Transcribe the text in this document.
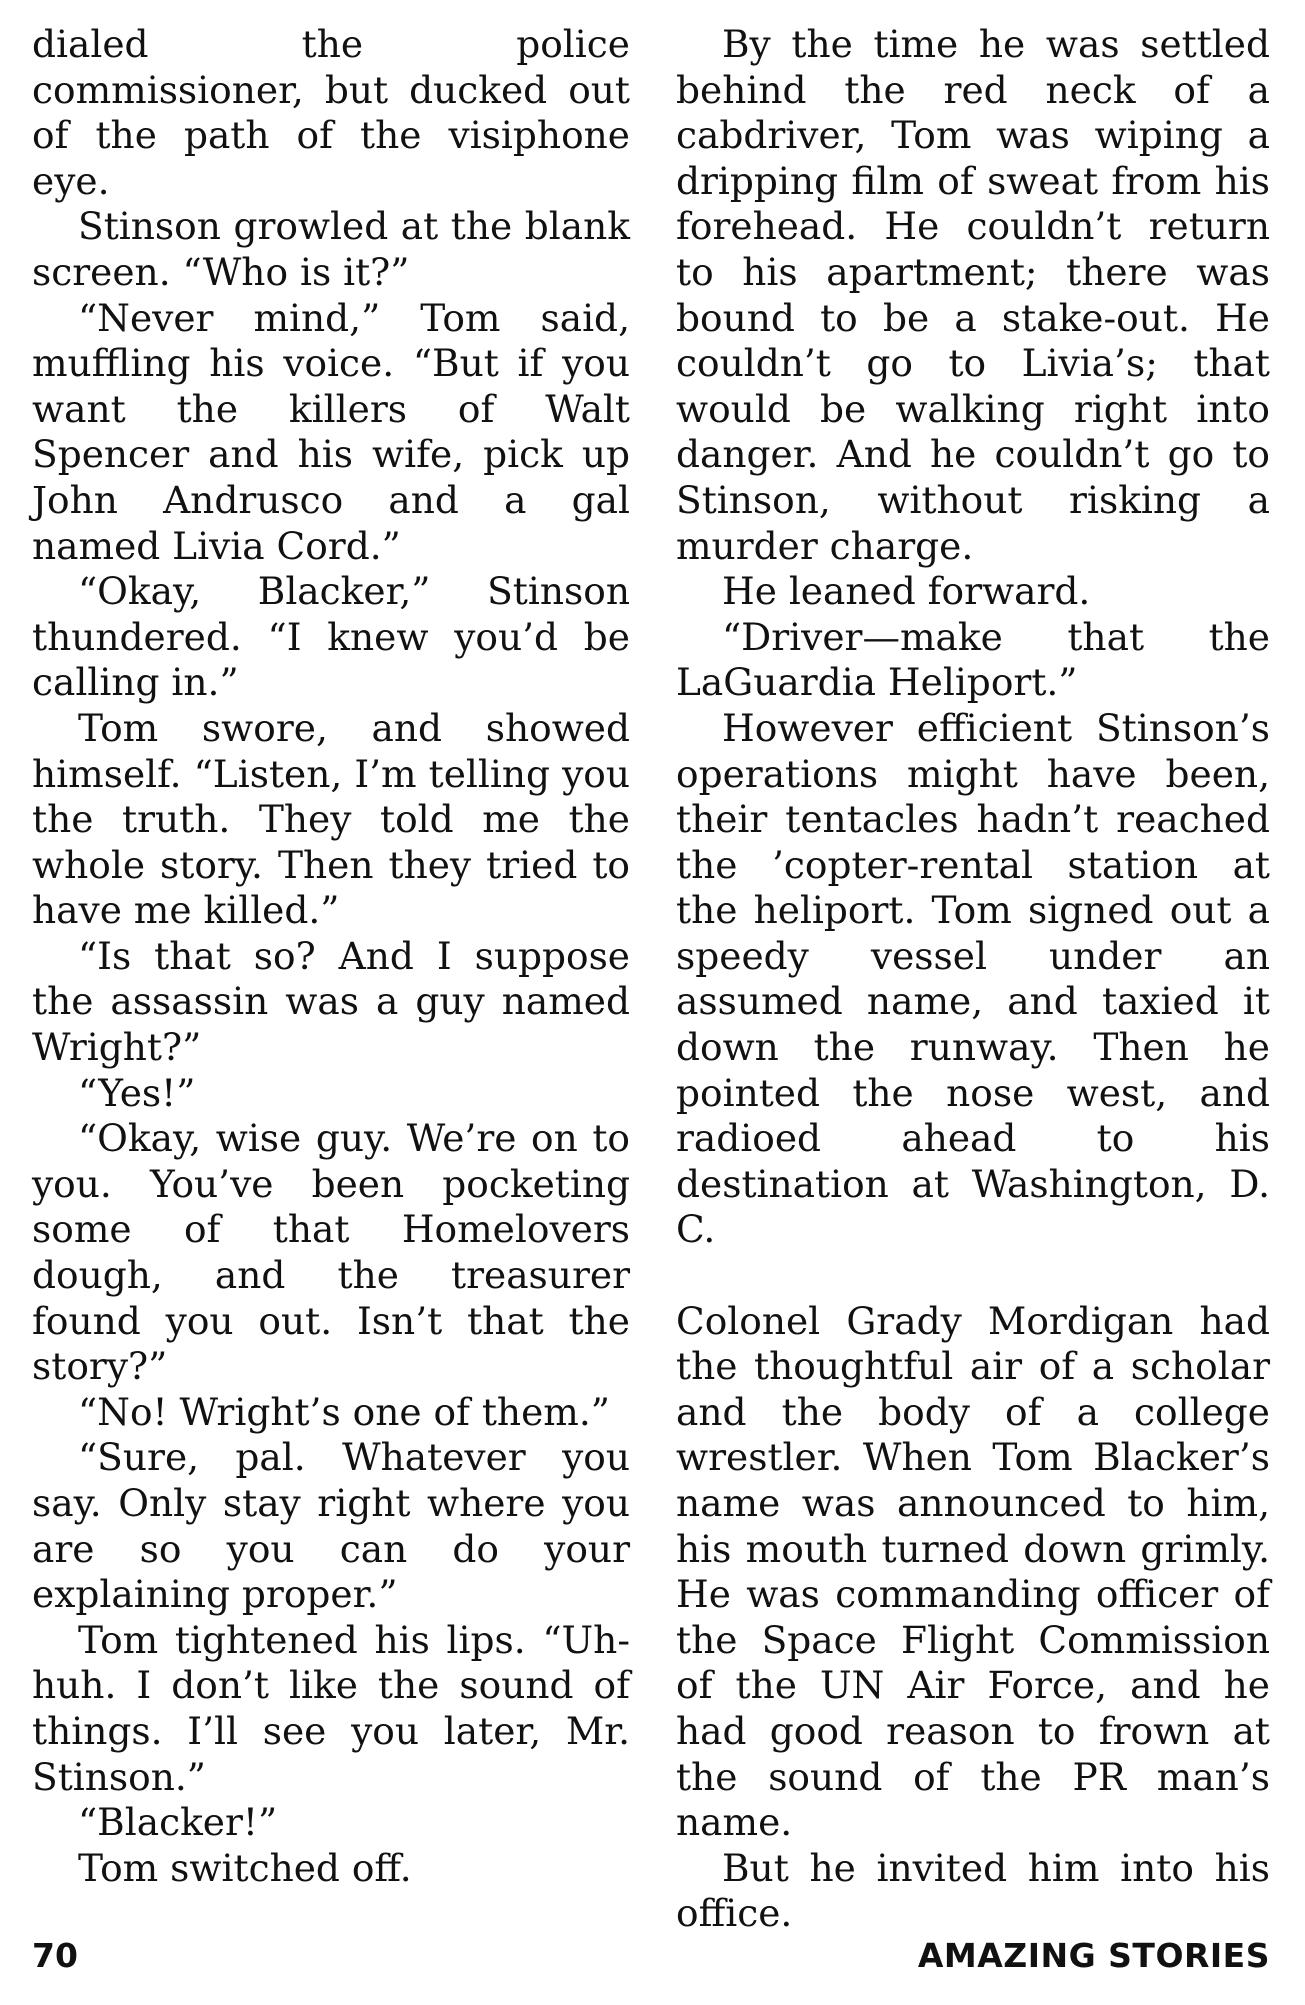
dialed the police commissioner, but ducked out of the path of the visiphone eye.

Stinson growled at the blank screen. “Who is it?”

“Never mind,” Tom said, muffling his voice. “But if you want the killers of Walt Spencer and his wife, pick up John Andrusco and a gal named Livia Cord.”

“Okay, Blacker,” Stinson thundered. “I knew you’d be calling in.”

Tom swore, and showed himself. “Listen, I’m telling you the truth. They told me the whole story. Then they tried to have me killed.”

“Is that so? And I suppose the assassin was a guy named Wright?”

“Yes!”

“Okay, wise guy. We’re on to you. You’ve been pocketing some of that Homelovers dough, and the treasurer found you out. Isn’t that the story?”

“No! Wright’s one of them.”

“Sure, pal. Whatever you say. Only stay right where you are so you can do your explaining proper.”

Tom tightened his lips. “Uh-huh. I don’t like the sound of things. I’ll see you later, Mr. Stinson.”

“Blacker!”

Tom switched off.

By the time he was settled behind the red neck of a cabdriver, Tom was wiping a dripping film of sweat from his forehead. He couldn’t return to his apartment; there was bound to be a stake-out. He couldn’t go to Livia’s; that would be walking right into danger. And he couldn’t go to Stinson, without risking a murder charge.

He leaned forward.

“Driver—make that the LaGuardia Heliport.”

However efficient Stinson’s operations might have been, their tentacles hadn’t reached the ’copter-rental station at the heliport. Tom signed out a speedy vessel under an assumed name, and taxied it down the runway. Then he pointed the nose west, and radioed ahead to his destination at Washington, D. C.

Colonel Grady Mordigan had the thoughtful air of a scholar and the body of a college wrestler. When Tom Blacker’s name was announced to him, his mouth turned down grimly. He was commanding officer of the Space Flight Commission of the UN Air Force, and he had good reason to frown at the sound of the PR man’s name.

But he invited him into his office.

70	AMAZING STORIES
